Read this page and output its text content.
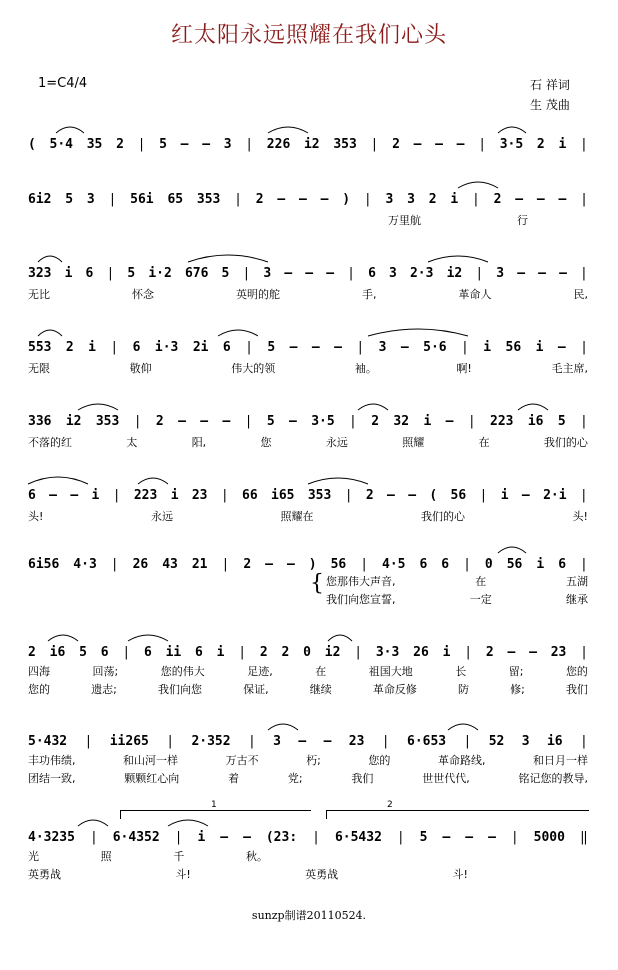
红太阳永远照耀在我们心头
1=C4/4	石 祥词
生 茂曲
( 5·4 35 2 | 5 – – 3 | 226 i2 353 | 2 – – – | 3·5 2 i |
6i2 5 3 | 56i 65 353 | 2 – – – ) | 3 3 2 i | 2 – – – |
万里航	行
323 i 6 | 5 i·2 676 5 | 3 – – – | 6 3 2·3 i2 | 3 – – – |
无比	怀念	英明的舵	手,	革命人	民,
553 2 i | 6 i·3 2i 6 | 5 – – – | 3 – 5·6 | i 56 i – |
无限	敬仰	伟大的领	袖。	啊!	毛主席,
336 i2 353 | 2 – – – | 5 – 3·5 | 2 32 i – | 223 i6 5 |
不落的红	太	阳,	您	永远	照耀	在	我们的心
6 – – i | 223 i 23 | 66 i65 353 | 2 – – ( 56 | i – 2·i |
头!	永远	照耀在	我们的心	头!
6i56 4·3 | 26 43 21 | 2 – – ) 56 | 4·5 6 6 | 0 56 i 6 |
{ 您那伟大声音,	在	五湖
我们向您宣誓,	一定	继承
2 i6 5 6 | 6 ii 6 i | 2 2 0 i2 | 3·3 26 i | 2 – – 23 |
四海	回荡;	您的伟大	足迹,	在	祖国大地	长	留;	您的
您的	遗志;	我们向您	保证,	继续	革命反修	防	修;	我们
5·432 | ii265 | 2·352 | 3 – – 23 | 6·653 | 52 3 i6 |
丰功伟绩,	和山河一样	万古不	朽;	您的	革命路线,	和日月一样
团结一致,	颗颗红心向	着	党;	我们	世世代代,	铭记您的教导,
1	2
4·3235 | 6·4352 | i – – (23: | 6·5432 | 5 – – – | 5000 ‖
光	照	千	秋。
英勇战	斗!	英勇战	斗!
sunzp制谱20110524.
